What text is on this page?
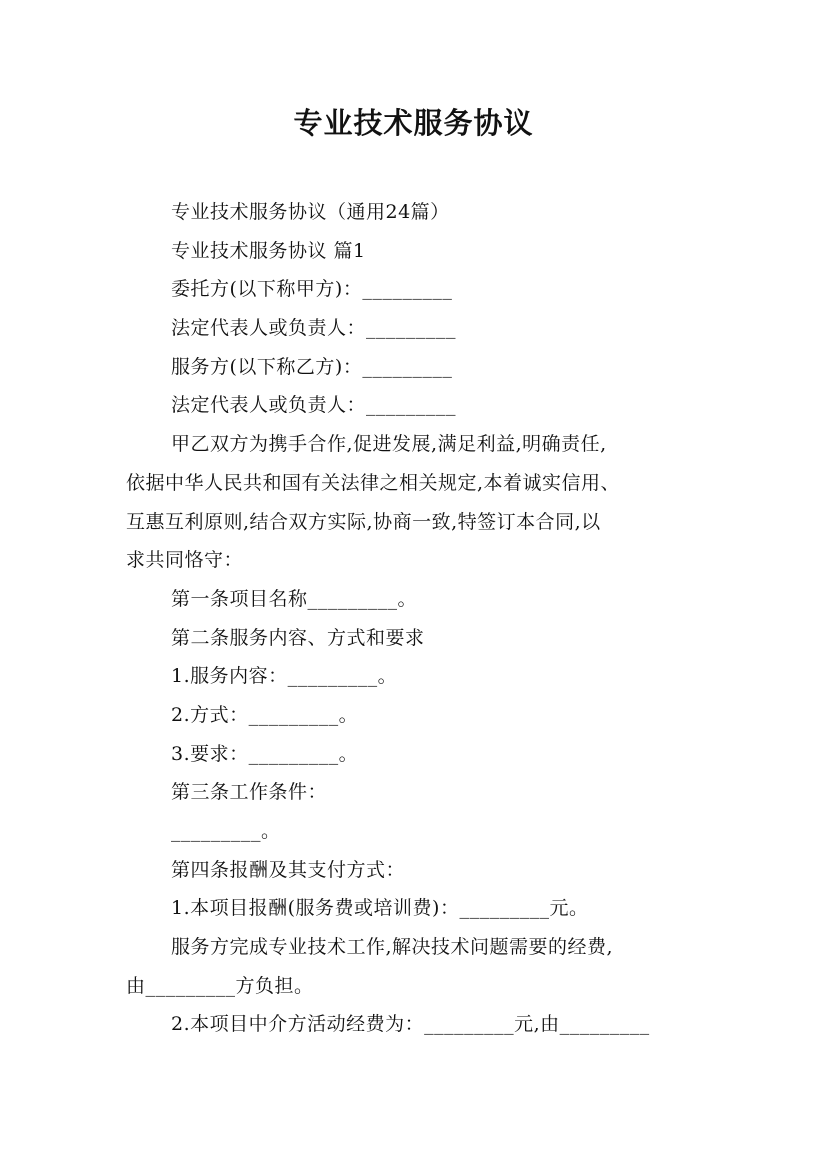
专业技术服务协议
专业技术服务协议（通用24篇）
专业技术服务协议 篇1
委托方(以下称甲方)：_________
法定代表人或负责人：_________
服务方(以下称乙方)：_________
法定代表人或负责人：_________
甲乙双方为携手合作,促进发展,满足利益,明确责任,
依据中华人民共和国有关法律之相关规定,本着诚实信用、
互惠互利原则,结合双方实际,协商一致,特签订本合同,以
求共同恪守：
第一条项目名称_________。
第二条服务内容、方式和要求
1.服务内容：_________。
2.方式：_________。
3.要求：_________。
第三条工作条件：
_________。
第四条报酬及其支付方式：
1.本项目报酬(服务费或培训费)：_________元。
服务方完成专业技术工作,解决技术问题需要的经费,
由_________方负担。
2.本项目中介方活动经费为：_________元,由_________
